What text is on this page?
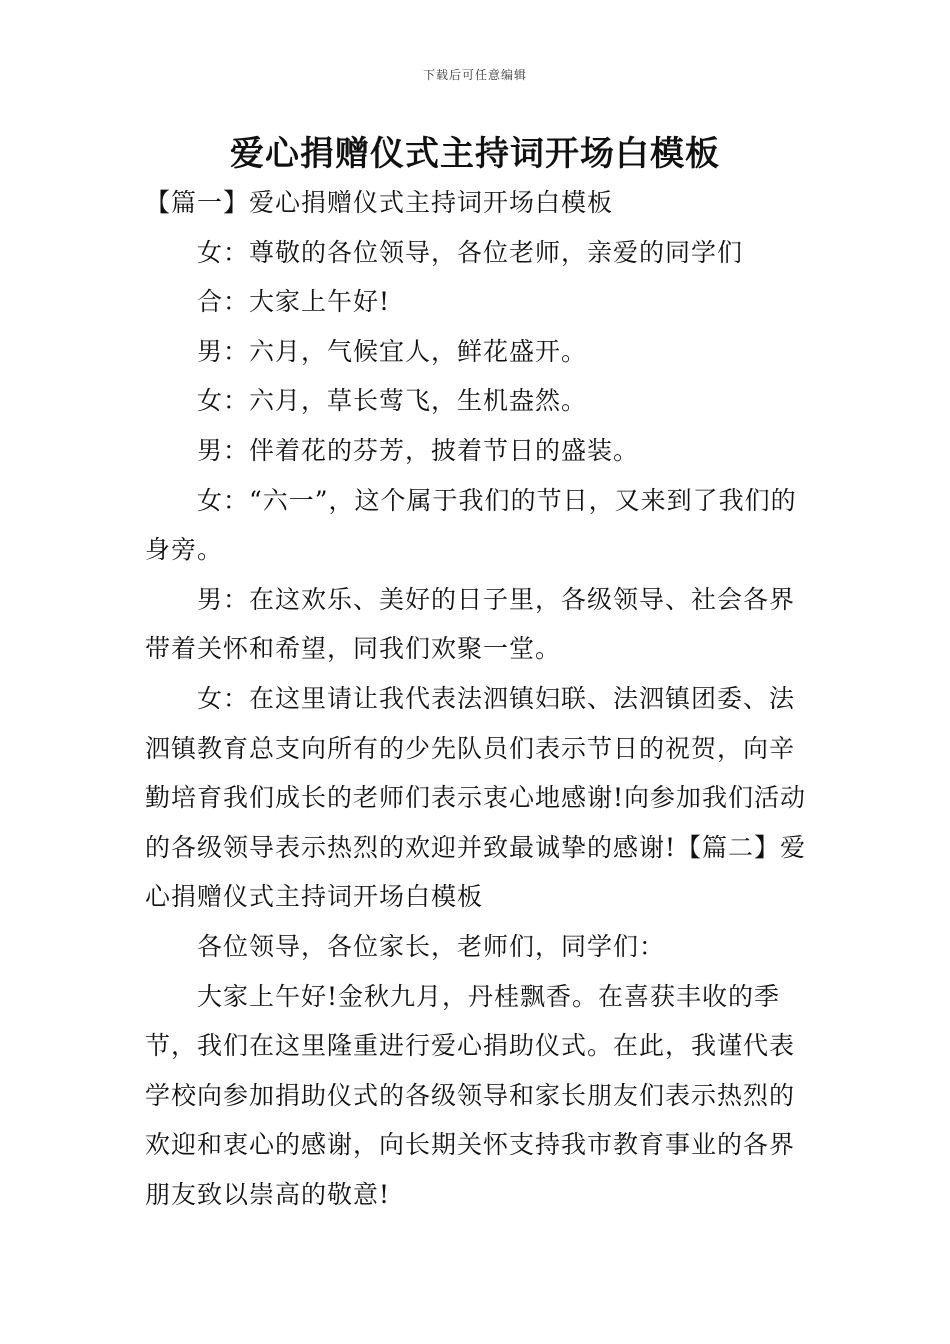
下载后可任意编辑
爱心捐赠仪式主持词开场白模板

【篇一】爱心捐赠仪式主持词开场白模板

女：尊敬的各位领导，各位老师，亲爱的同学们

合：大家上午好!

男：六月，气候宜人，鲜花盛开。

女：六月，草长莺飞，生机盎然。

男：伴着花的芬芳，披着节日的盛装。

女：“六一”，这个属于我们的节日，又来到了我们的身旁。

男：在这欢乐、美好的日子里，各级领导、社会各界带着关怀和希望，同我们欢聚一堂。

女：在这里请让我代表法泗镇妇联、法泗镇团委、法泗镇教育总支向所有的少先队员们表示节日的祝贺，向辛勤培育我们成长的老师们表示衷心地感谢!向参加我们活动的各级领导表示热烈的欢迎并致最诚挚的感谢!【篇二】爱心捐赠仪式主持词开场白模板

各位领导，各位家长，老师们，同学们：

大家上午好!金秋九月，丹桂飘香。在喜获丰收的季节，我们在这里隆重进行爱心捐助仪式。在此，我谨代表学校向参加捐助仪式的各级领导和家长朋友们表示热烈的欢迎和衷心的感谢，向长期关怀支持我市教育事业的各界朋友致以崇高的敬意!
